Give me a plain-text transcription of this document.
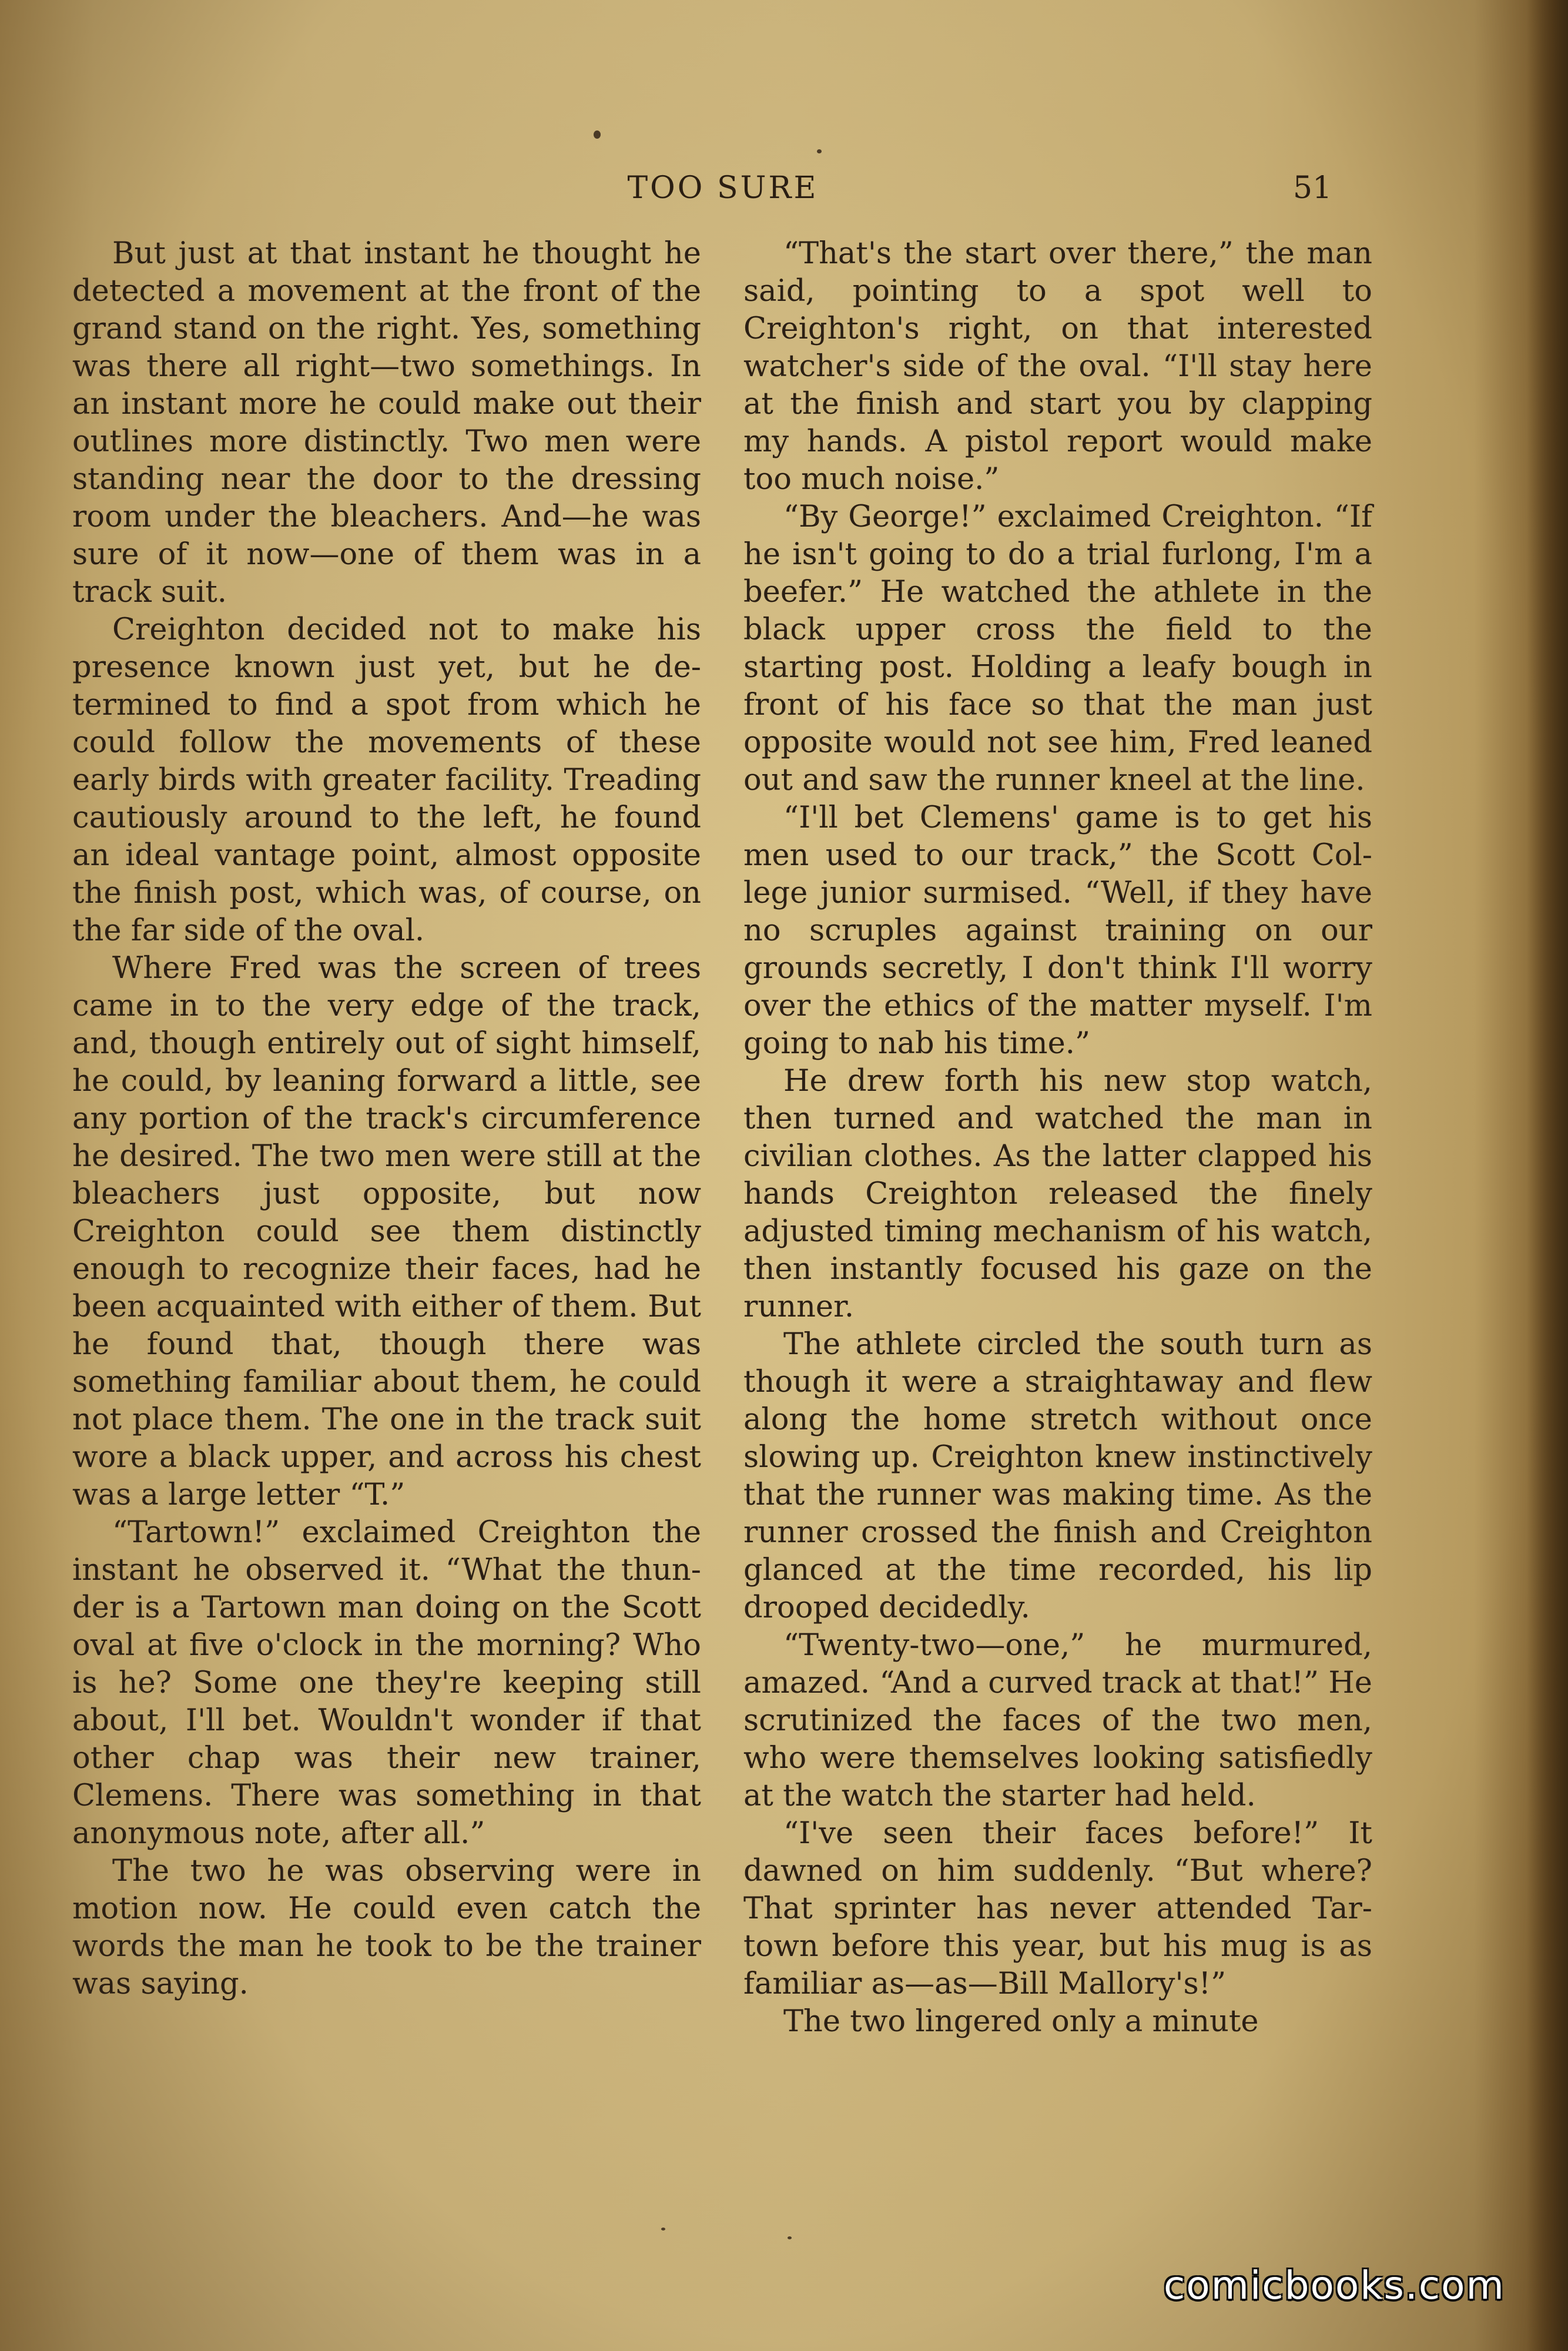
TOO SURE	51

But just at that instant he thought he detected a movement at the front of the grand stand on the right. Yes, something was there all right—two somethings. In an instant more he could make out their outlines more distinctly. Two men were standing near the door to the dressing room under the bleachers. And—he was sure of it now—one of them was in a track suit.

Creighton decided not to make his presence known just yet, but he determined to find a spot from which he could follow the movements of these early birds with greater facility. Treading cautiously around to the left, he found an ideal vantage point, almost opposite the finish post, which was, of course, on the far side of the oval.

Where Fred was the screen of trees came in to the very edge of the track, and, though entirely out of sight himself, he could, by leaning forward a little, see any portion of the track's circumference he desired. The two men were still at the bleachers just opposite, but now Creighton could see them distinctly enough to recognize their faces, had he been acquainted with either of them. But he found that, though there was something familiar about them, he could not place them. The one in the track suit wore a black upper, and across his chest was a large letter “T.”

“Tartown!” exclaimed Creighton the instant he observed it. “What the thunder is a Tartown man doing on the Scott oval at five o'clock in the morning? Who is he? Some one they're keeping still about, I'll bet. Wouldn't wonder if that other chap was their new trainer, Clemens. There was something in that anonymous note, after all.”

The two he was observing were in motion now. He could even catch the words the man he took to be the trainer was saying.

“That's the start over there,” the man said, pointing to a spot well to Creighton's right, on that interested watcher's side of the oval. “I'll stay here at the finish and start you by clapping my hands. A pistol report would make too much noise.”

“By George!” exclaimed Creighton. “If he isn't going to do a trial furlong, I'm a beefer.” He watched the athlete in the black upper cross the field to the starting post. Holding a leafy bough in front of his face so that the man just opposite would not see him, Fred leaned out and saw the runner kneel at the line.

“I'll bet Clemens' game is to get his men used to our track,” the Scott College junior surmised. “Well, if they have no scruples against training on our grounds secretly, I don't think I'll worry over the ethics of the matter myself. I'm going to nab his time.”

He drew forth his new stop watch, then turned and watched the man in civilian clothes. As the latter clapped his hands Creighton released the finely adjusted timing mechanism of his watch, then instantly focused his gaze on the runner.

The athlete circled the south turn as though it were a straightaway and flew along the home stretch without once slowing up. Creighton knew instinctively that the runner was making time. As the runner crossed the finish and Creighton glanced at the time recorded, his lip drooped decidedly.

“Twenty-two—one,” he murmured, amazed. “And a curved track at that!” He scrutinized the faces of the two men, who were themselves looking satisfiedly at the watch the starter had held.

“I've seen their faces before!” It dawned on him suddenly. “But where? That sprinter has never attended Tartown before this year, but his mug is as familiar as—as—Bill Mallory's!”

The two lingered only a minute

comicbooks.com
